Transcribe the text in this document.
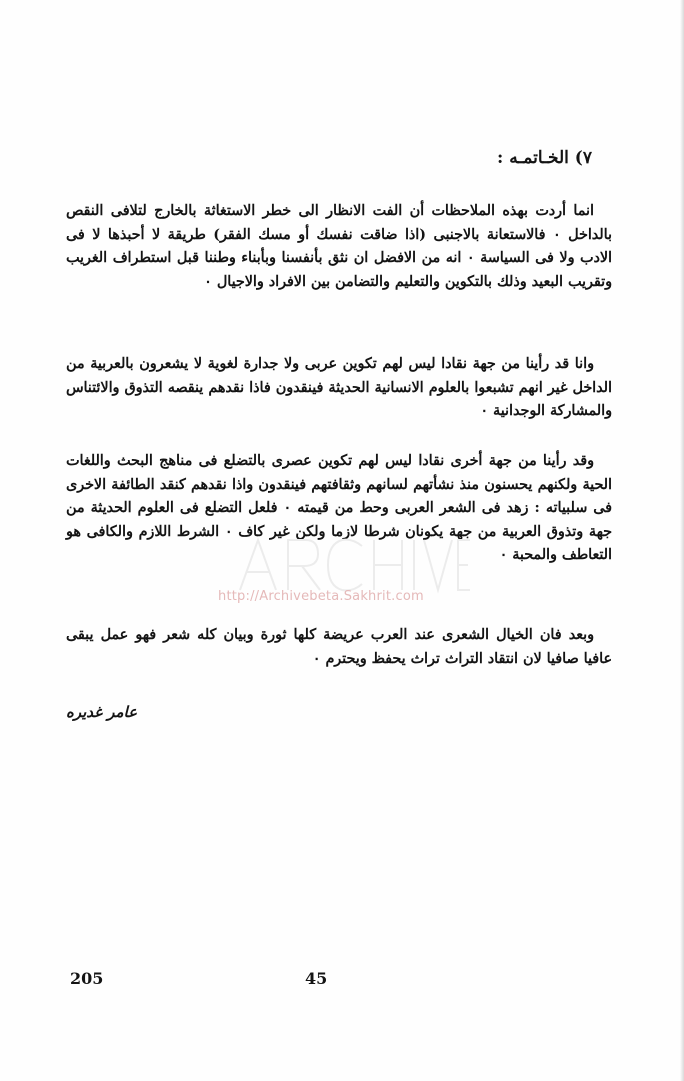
٧) الخـاتمـه :

انما أردت بهذه الملاحظات أن الفت الانظار الى خطر الاستغاثة بالخارج لتلافى النقص بالداخل ٠ فالاستعانة بالاجنبى (اذا ضاقت نفسك أو مسك الفقر) طريقة لا أحبذها لا فى الادب ولا فى السياسة ٠ انه من الافضل ان نثق بأنفسنا وبأبناء وطننا قبل استطراف الغريب وتقريب البعيد وذلك بالتكوين والتعليم والتضامن بين الافراد والاجيال ٠

وانا قد رأينا من جهة نقادا ليس لهم تكوين عربى ولا جدارة لغوية لا يشعرون بالعربية من الداخل غير انهم تشبعوا بالعلوم الانسانية الحديثة فينقدون فاذا نقدهم ينقصه التذوق والائتناس والمشاركة الوجدانية ٠

وقد رأينا من جهة أخرى نقادا ليس لهم تكوين عصرى بالتضلع فى مناهج البحث واللغات الحية ولكنهم يحسنون منذ نشأتهم لسانهم وثقافتهم فينقدون واذا نقدهم كنقد الطائفة الاخرى فى سلبياته : زهد فى الشعر العربى وحط من قيمته ٠ فلعل التضلع فى العلوم الحديثة من جهة وتذوق العربية من جهة يكونان شرطا لازما ولكن غير كاف ٠ الشرط اللازم والكافى هو التعاطف والمحبة ٠

وبعد فان الخيال الشعرى عند العرب عريضة كلها ثورة وبيان كله شعر فهو عمل يبقى عافيا صافيا لان انتقاد التراث تراث يحفظ ويحترم ٠

عامر غديره
http://Archivebeta.Sakhrit.com
205	45
